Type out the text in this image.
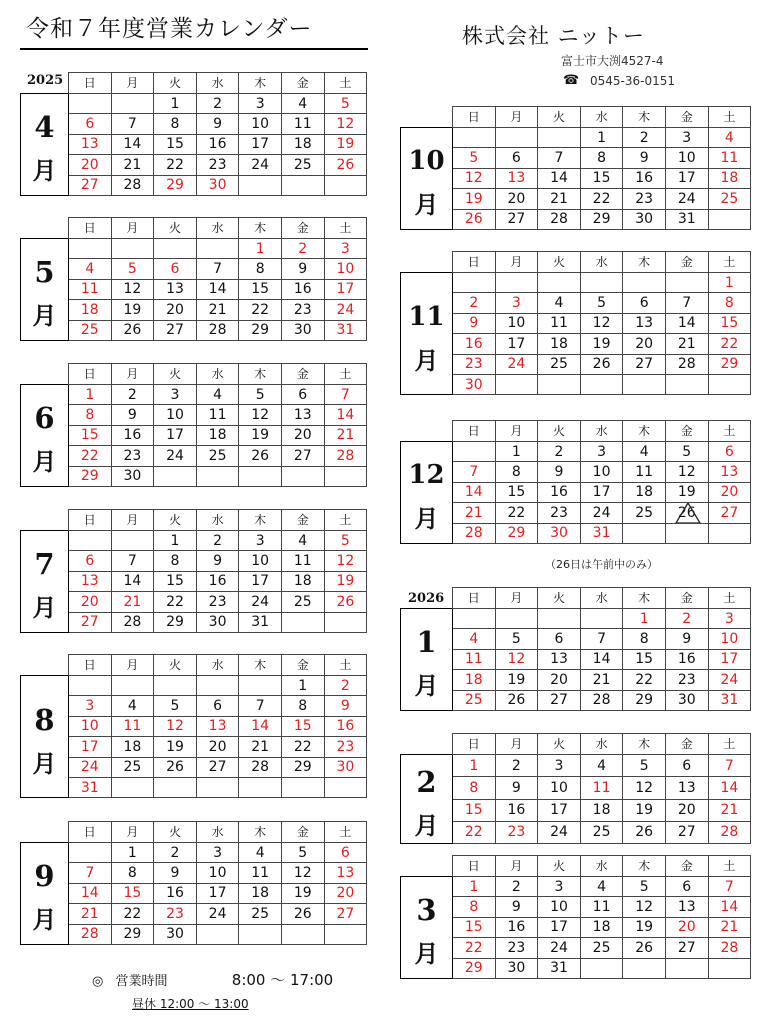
令和７年度営業カレンダー	株式会社 ニットー
富士市大渕4527-4
☎ 0545-36-0151
2025
2026
	日	月	火	水	木	金	土

4
月			1	2	3	4	5
	6	7	8	9	10	11	12
	13	14	15	16	17	18	19
	20	21	22	23	24	25	26
	27	28	29	30			
	日	月	火	水	木	金	土

5
月					1	2	3
	4	5	6	7	8	9	10
	11	12	13	14	15	16	17
	18	19	20	21	22	23	24
	25	26	27	28	29	30	31
	日	月	火	水	木	金	土

6
月	1	2	3	4	5	6	7
	8	9	10	11	12	13	14
	15	16	17	18	19	20	21
	22	23	24	25	26	27	28
	29	30					
	日	月	火	水	木	金	土

7
月			1	2	3	4	5
	6	7	8	9	10	11	12
	13	14	15	16	17	18	19
	20	21	22	23	24	25	26
	27	28	29	30	31		
	日	月	火	水	木	金	土

8
月						1	2
	3	4	5	6	7	8	9
	10	11	12	13	14	15	16
	17	18	19	20	21	22	23
	24	25	26	27	28	29	30
	31						
	日	月	火	水	木	金	土

9
月		1	2	3	4	5	6
	7	8	9	10	11	12	13
	14	15	16	17	18	19	20
	21	22	23	24	25	26	27
	28	29	30				
	日	月	火	水	木	金	土

10
月				1	2	3	4
	5	6	7	8	9	10	11
	12	13	14	15	16	17	18
	19	20	21	22	23	24	25
	26	27	28	29	30	31	
	日	月	火	水	木	金	土

11
月							1
	2	3	4	5	6	7	8
	9	10	11	12	13	14	15
	16	17	18	19	20	21	22
	23	24	25	26	27	28	29
	30						
	日	月	火	水	木	金	土

12
月		1	2	3	4	5	6
	7	8	9	10	11	12	13
	14	15	16	17	18	19	20
	21	22	23	24	25	26	27
	28	29	30	31			
	日	月	火	水	木	金	土

1
月					1	2	3
	4	5	6	7	8	9	10
	11	12	13	14	15	16	17
	18	19	20	21	22	23	24
	25	26	27	28	29	30	31
	日	月	火	水	木	金	土

2
月	1	2	3	4	5	6	7
	8	9	10	11	12	13	14
	15	16	17	18	19	20	21
	22	23	24	25	26	27	28
	日	月	火	水	木	金	土

3
月	1	2	3	4	5	6	7
	8	9	10	11	12	13	14
	15	16	17	18	19	20	21
	22	23	24	25	26	27	28
	29	30	31				
（26日は午前中のみ）
◎ 営業時間	8:00 〜 17:00
昼休 12:00 〜 13:00
